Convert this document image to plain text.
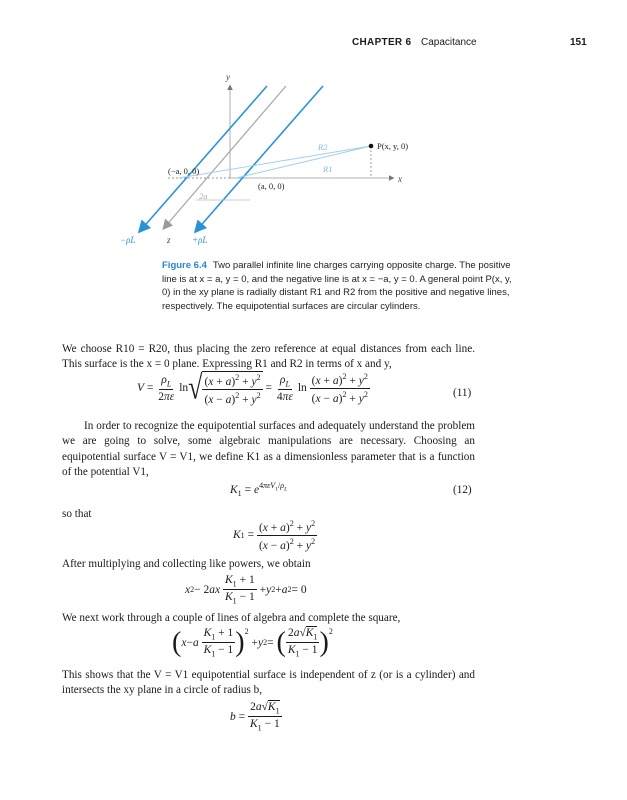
CHAPTER 6 Capacitance	151
y
x
z
2a
R2
R1
P(x, y, 0)
(−a, 0, 0)
(a, 0, 0)
−ρL	+ρL
Figure 6.4 Two parallel infinite line charges carrying opposite charge. The positive line is at x = a, y = 0, and the negative line is at x = −a, y = 0. A general point P(x, y, 0) in the xy plane is radially distant R1 and R2 from the positive and negative lines, respectively. The equipotential surfaces are circular cylinders.
We choose R10 = R20, thus placing the zero reference at equal distances from each line. This surface is the x = 0 plane. Expressing R1 and R2 in terms of x and y,
$V = \frac{\rho_L}{2\pi\varepsilon}$ ln √ $\frac{(x + a)^2 + y^2}{(x - a)^2 + y^2} = \frac{\rho_L}{4\pi\varepsilon}$ $\ln \frac{(x + a)^2 + y^2}{(x - a)^2 + y^2}$	(11)
In order to recognize the equipotential surfaces and adequately understand the problem we are going to solve, some algebraic manipulations are necessary. Choosing an equipotential surface V = V1, we define K1 as a dimensionless parameter that is a function of the potential V1,
$K_1 = e^{4\pi\varepsilon V_1/\rho_L}$	(12)
so that
K $1 = \frac{(x + a)^2 + y^2}{(x - a)^2 + y^2}$
After multiplying and collecting like powers, we obtain
x 2 − 2 ax
$\frac{K_1 + 1}{K_1 - 1} + y$ 2 + a 2 = 0
We next work through a couple of lines of algebra and complete the square,
( x − a
$\frac{K_1 + 1}{K_1 - 1} )^2$
+ y 2 = ( $\frac{2a√K_1}{K_1 - 1} )^2$
This shows that the V = V1 equipotential surface is independent of z (or is a cylinder) and intersects the xy plane in a circle of radius b,
$b = \frac{2a√K_1}{K_1 - 1}$
